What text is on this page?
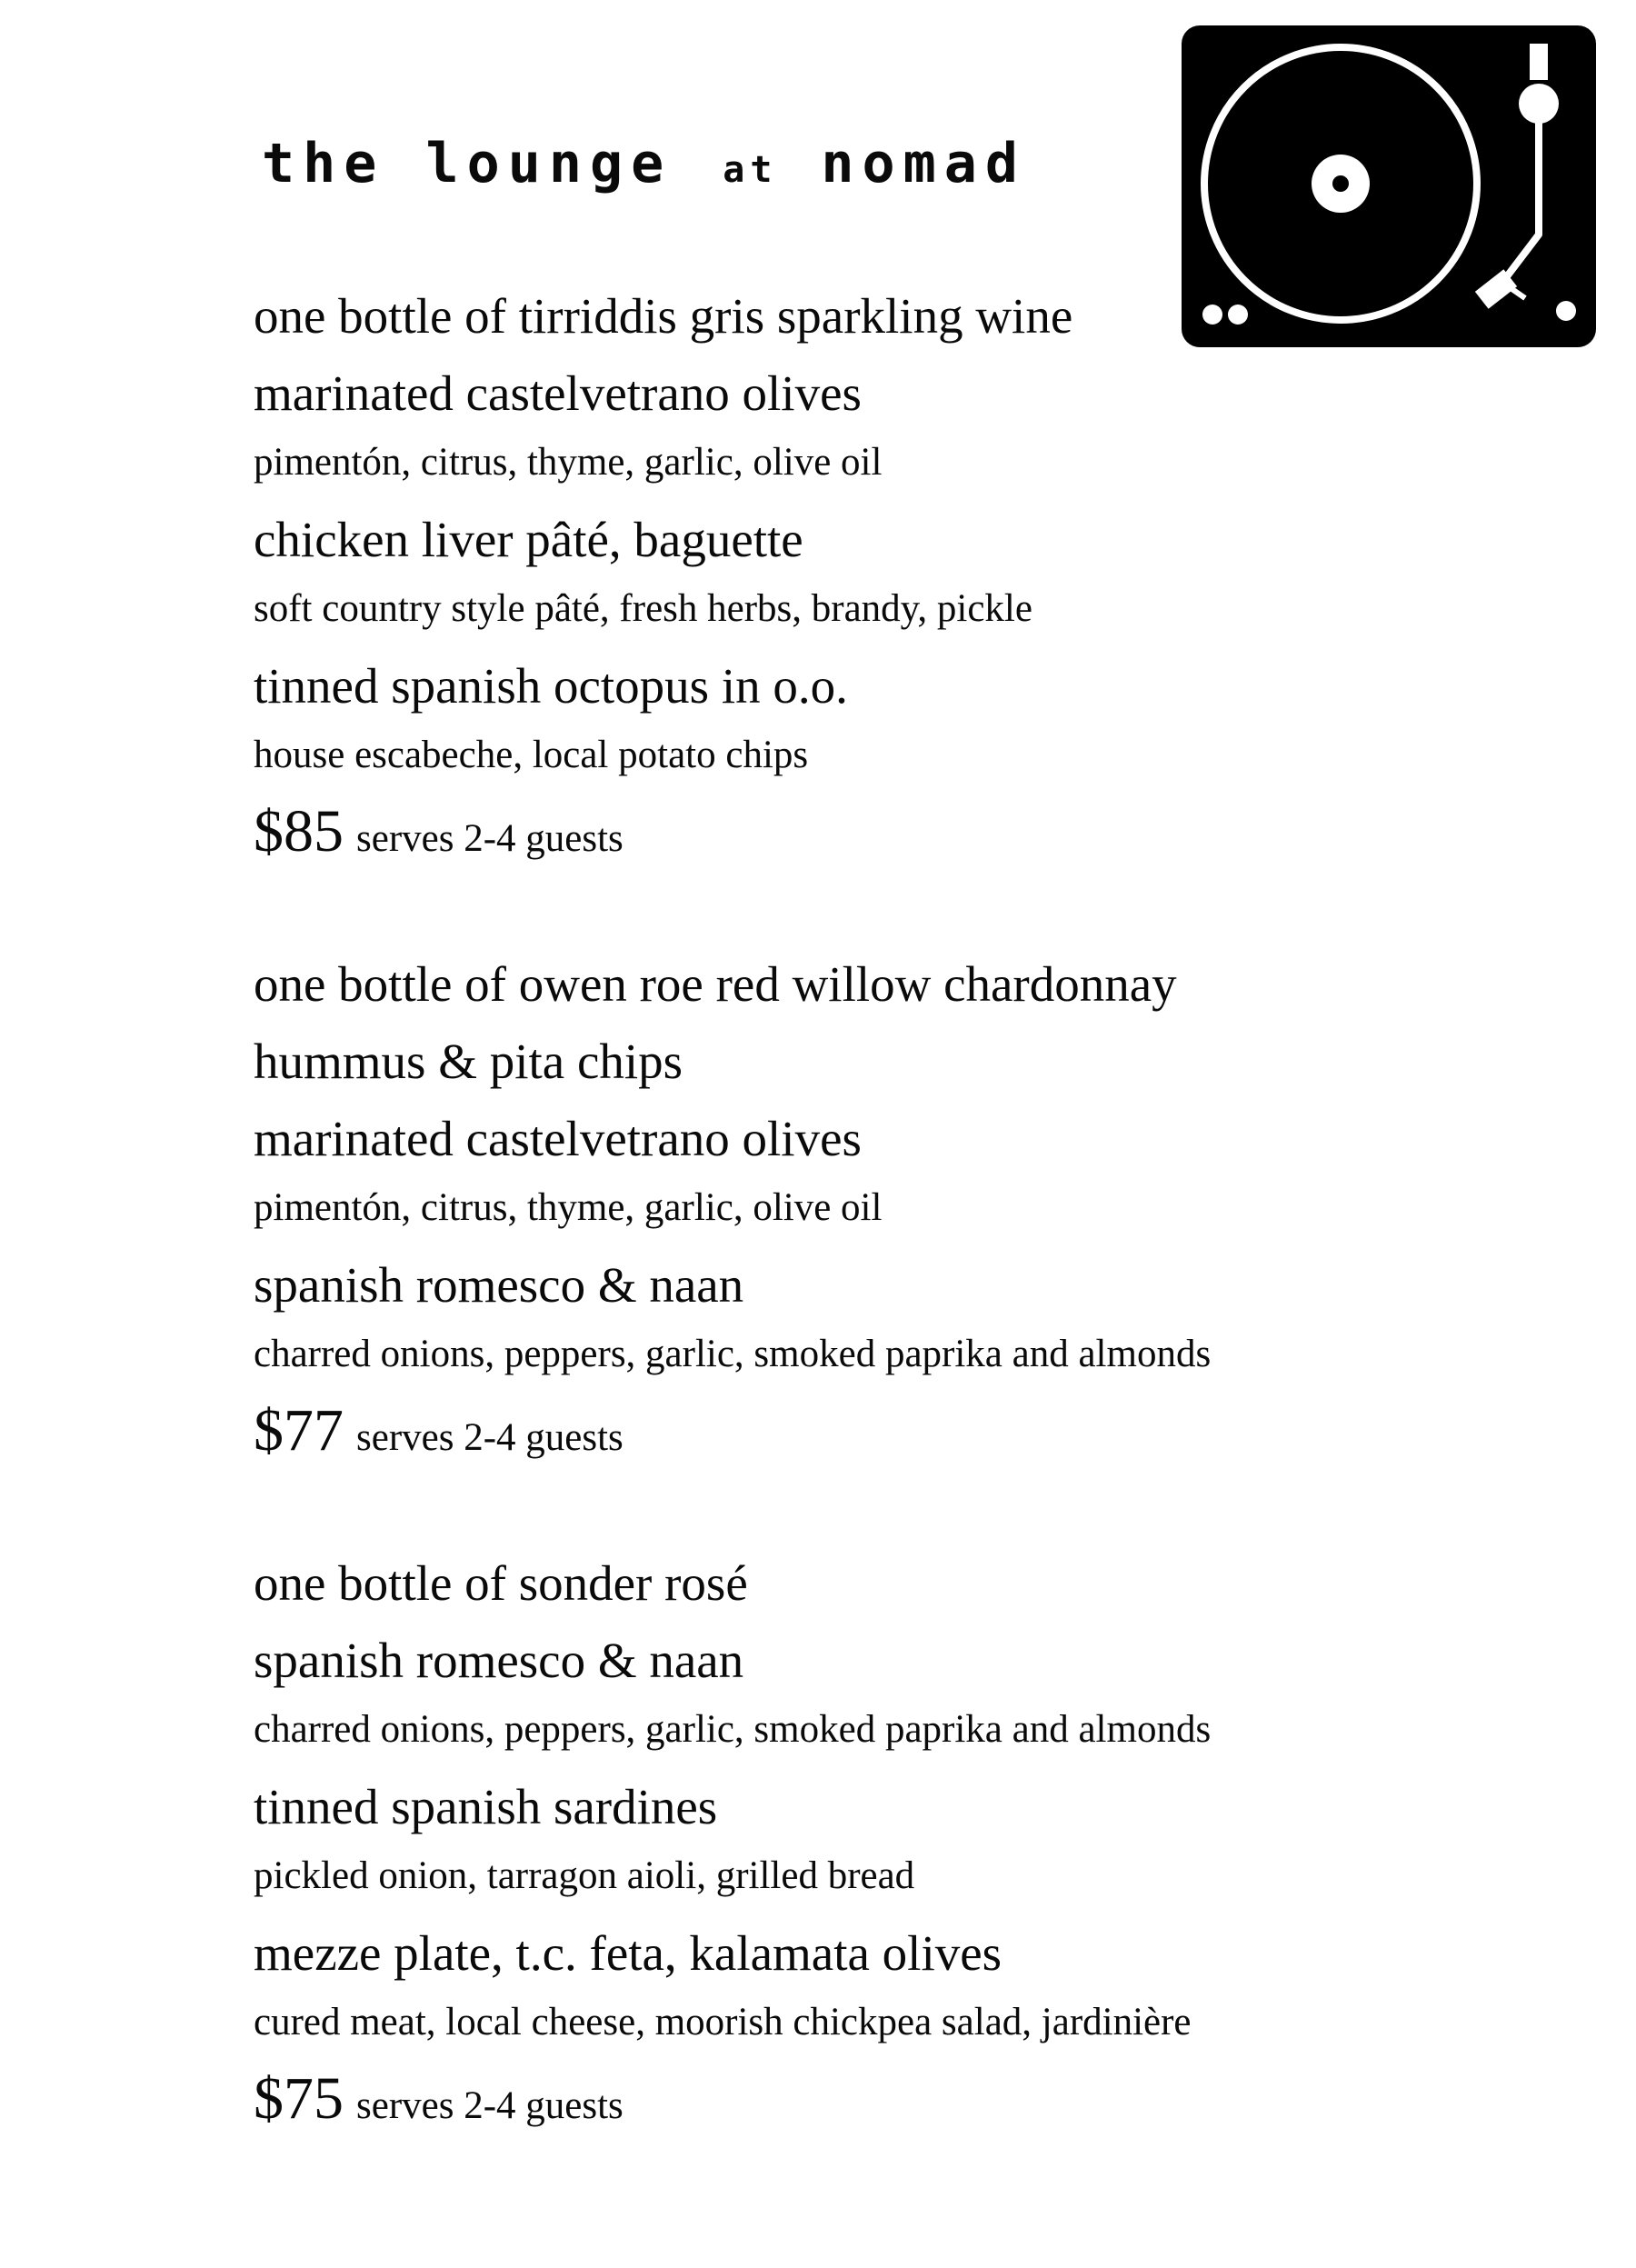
the lounge at nomad
one bottle of tirriddis gris sparkling wine
marinated castelvetrano olives
pimentón, citrus, thyme, garlic, olive oil
chicken liver pâté, baguette
soft country style pâté, fresh herbs, brandy, pickle
tinned spanish octopus in o.o.
house escabeche, local potato chips
$85 serves 2-4 guests
one bottle of owen roe red willow chardonnay
hummus & pita chips
marinated castelvetrano olives
pimentón, citrus, thyme, garlic, olive oil
spanish romesco & naan
charred onions, peppers, garlic, smoked paprika and almonds
$77 serves 2-4 guests
one bottle of sonder rosé
spanish romesco & naan
charred onions, peppers, garlic, smoked paprika and almonds
tinned spanish sardines
pickled onion, tarragon aioli, grilled bread
mezze plate, t.c. feta, kalamata olives
cured meat, local cheese, moorish chickpea salad, jardinière
$75 serves 2-4 guests
